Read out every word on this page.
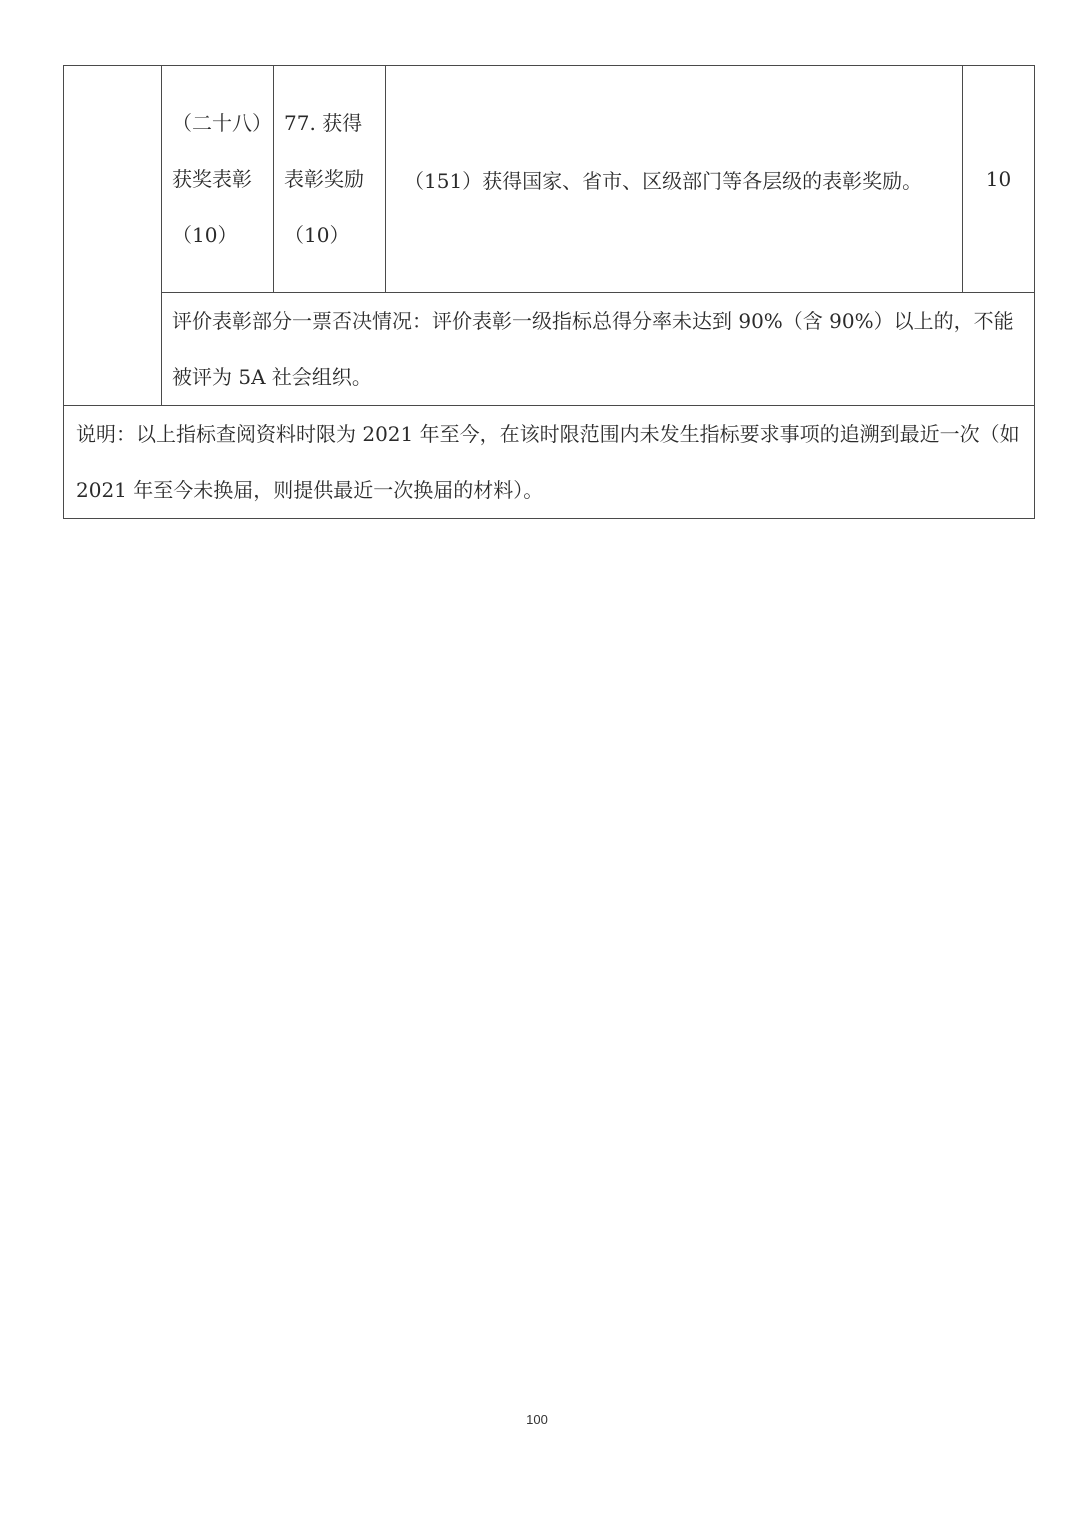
	（二十八）获奖表彰（10）	77. 获得表彰奖励（10）	（151）获得国家、省市、区级部门等各层级的表彰奖励。	10
评价表彰部分一票否决情况：评价表彰一级指标总得分率未达到 90%（含 90%）以上的，不能被评为 5A 社会组织。
说明：以上指标查阅资料时限为 2021 年至今，在该时限范围内未发生指标要求事项的追溯到最近一次（如 2021 年至今未换届，则提供最近一次换届的材料）。
100
